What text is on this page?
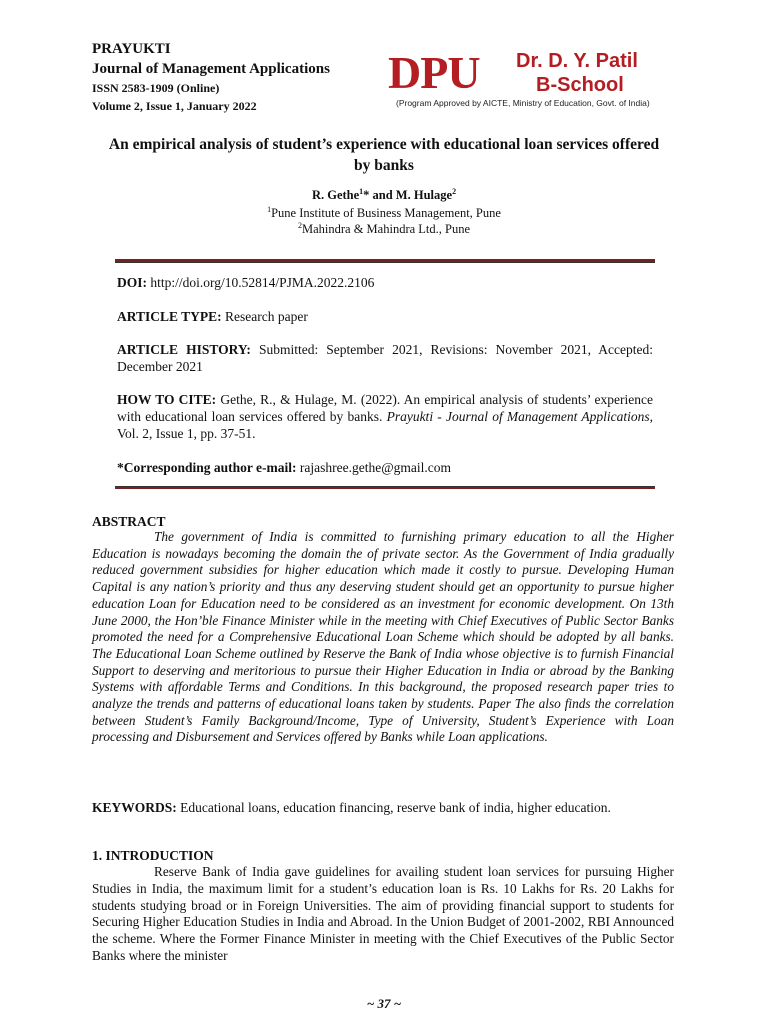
PRAYUKTI
Journal of Management Applications
ISSN 2583-1909 (Online)
Volume 2, Issue 1, January 2022
DPU Dr. D. Y. Patil
B-School
(Program Approved by AICTE, Ministry of Education, Govt. of India)
An empirical analysis of student’s experience with educational loan services offered by banks
R. Gethe$^1$* and M. Hulage$^2$
$^1$Pune Institute of Business Management, Pune
$^2$Mahindra & Mahindra Ltd., Pune
DOI: http://doi.org/10.52814/PJMA.2022.2106
ARTICLE TYPE: Research paper
ARTICLE HISTORY: Submitted: September 2021, Revisions: November 2021, Accepted: December 2021
HOW TO CITE: Gethe, R., & Hulage, M. (2022). An empirical analysis of students’ experience with educational loan services offered by banks. Prayukti - Journal of Management Applications, Vol. 2, Issue 1, pp. 37-51.
*Corresponding author e-mail: rajashree.gethe@gmail.com
ABSTRACT
The government of India is committed to furnishing primary education to all the Higher Education is nowadays becoming the domain the of private sector. As the Government of India gradually reduced government subsidies for higher education which made it costly to pursue. Developing Human Capital is any nation’s priority and thus any deserving student should get an opportunity to pursue higher education Loan for Education need to be considered as an investment for economic development. On 13th June 2000, the Hon’ble Finance Minister while in the meeting with Chief Executives of Public Sector Banks promoted the need for a Comprehensive Educational Loan Scheme which should be adopted by all banks. The Educational Loan Scheme outlined by Reserve the Bank of India whose objective is to furnish Financial Support to deserving and meritorious to pursue their Higher Education in India or abroad by the Banking Systems with affordable Terms and Conditions. In this background, the proposed research paper tries to analyze the trends and patterns of educational loans taken by students. Paper The also finds the correlation between Student’s Family Background/Income, Type of University, Student’s Experience with Loan processing and Disbursement and Services offered by Banks while Loan applications.
KEYWORDS: Educational loans, education financing, reserve bank of india, higher education.
1. INTRODUCTION
Reserve Bank of India gave guidelines for availing student loan services for pursuing Higher Studies in India, the maximum limit for a student’s education loan is Rs. 10 Lakhs for Rs. 20 Lakhs for students studying broad or in Foreign Universities. The aim of providing financial support to students for Securing Higher Education Studies in India and Abroad. In the Union Budget of 2001-2002, RBI Announced the scheme. Where the Former Finance Minister in meeting with the Chief Executives of the Public Sector Banks where the minister
~ 37 ~
